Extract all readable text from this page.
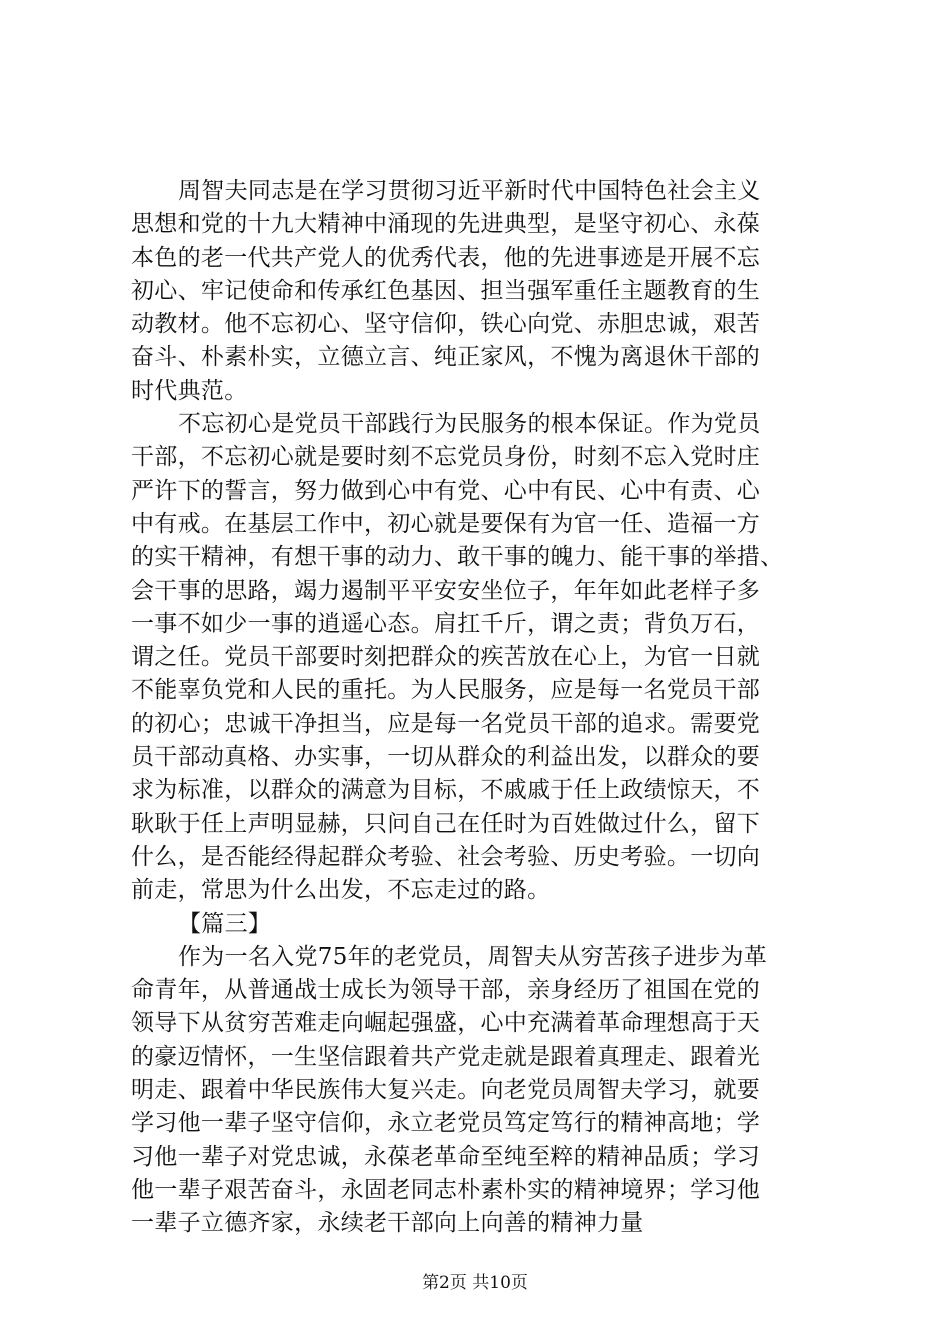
周智夫同志是在学习贯彻习近平新时代中国特色社会主义
思想和党的十九大精神中涌现的先进典型，是坚守初心、永葆
本色的老一代共产党人的优秀代表，他的先进事迹是开展不忘
初心、牢记使命和传承红色基因、担当强军重任主题教育的生
动教材。他不忘初心、坚守信仰，铁心向党、赤胆忠诚，艰苦
奋斗、朴素朴实，立德立言、纯正家风，不愧为离退休干部的
时代典范。
不忘初心是党员干部践行为民服务的根本保证。作为党员
干部，不忘初心就是要时刻不忘党员身份，时刻不忘入党时庄
严许下的誓言，努力做到心中有党、心中有民、心中有责、心
中有戒。在基层工作中，初心就是要保有为官一任、造福一方
的实干精神，有想干事的动力、敢干事的魄力、能干事的举措、
会干事的思路，竭力遏制平平安安坐位子，年年如此老样子多
一事不如少一事的逍遥心态。肩扛千斤，谓之责；背负万石，
谓之任。党员干部要时刻把群众的疾苦放在心上，为官一日就
不能辜负党和人民的重托。为人民服务，应是每一名党员干部
的初心；忠诚干净担当，应是每一名党员干部的追求。需要党
员干部动真格、办实事，一切从群众的利益出发，以群众的要
求为标准，以群众的满意为目标，不戚戚于任上政绩惊天，不
耿耿于任上声明显赫，只问自己在任时为百姓做过什么，留下
什么，是否能经得起群众考验、社会考验、历史考验。一切向
前走，常思为什么出发，不忘走过的路。
【篇三】
作为一名入党75年的老党员，周智夫从穷苦孩子进步为革
命青年，从普通战士成长为领导干部，亲身经历了祖国在党的
领导下从贫穷苦难走向崛起强盛，心中充满着革命理想高于天
的豪迈情怀，一生坚信跟着共产党走就是跟着真理走、跟着光
明走、跟着中华民族伟大复兴走。向老党员周智夫学习，就要
学习他一辈子坚守信仰，永立老党员笃定笃行的精神高地；学
习他一辈子对党忠诚，永葆老革命至纯至粹的精神品质；学习
他一辈子艰苦奋斗，永固老同志朴素朴实的精神境界；学习他
一辈子立德齐家，永续老干部向上向善的精神力量
第2页 共10页
